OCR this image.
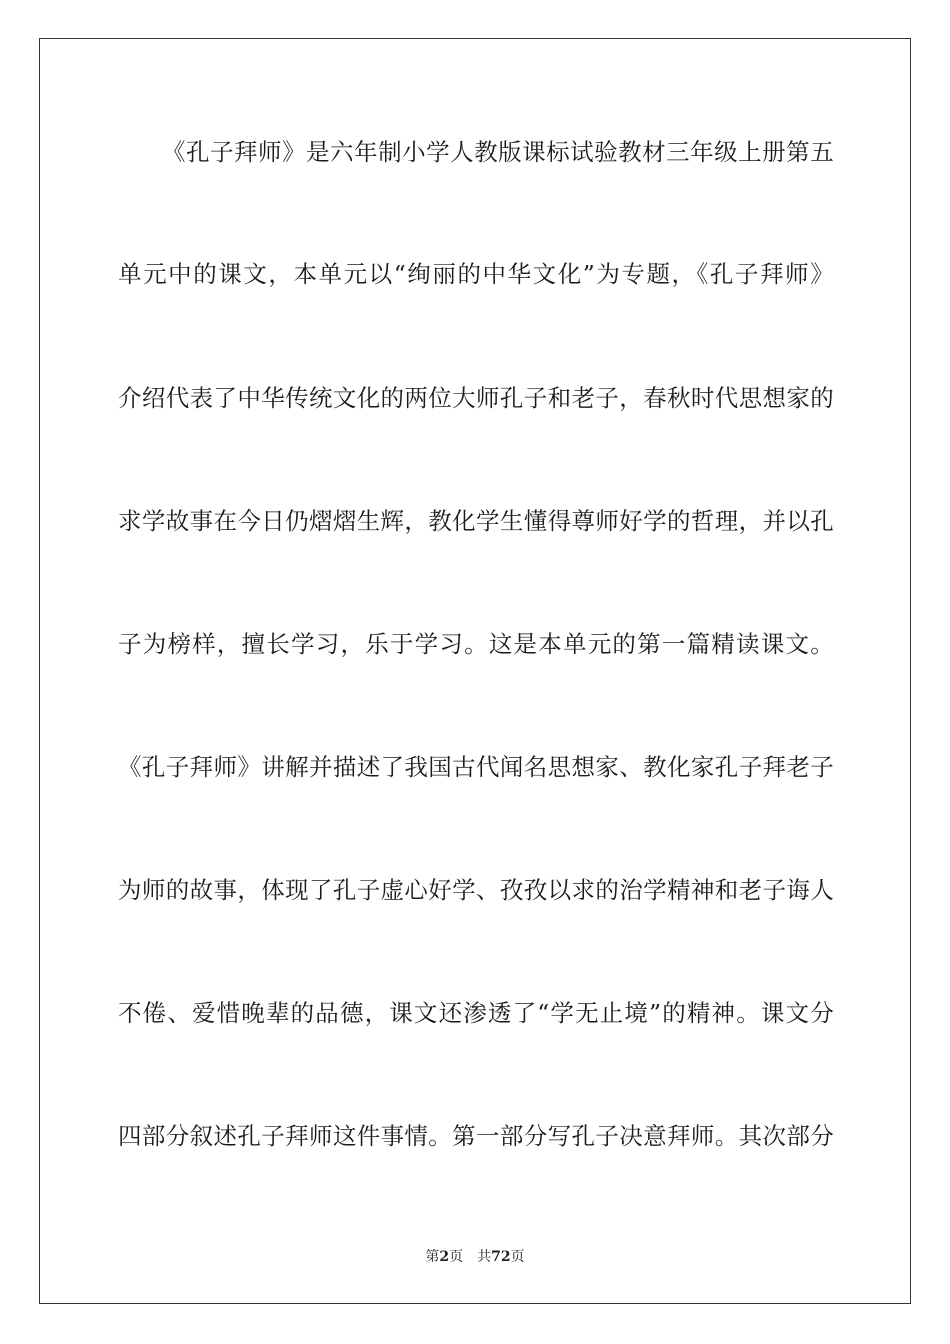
《孔子拜师》是六年制小学人教版课标试验教材三年级上册第五
单元中的课文，本单元以“绚丽的中华文化”为专题，《孔子拜师》
介绍代表了中华传统文化的两位大师孔子和老子，春秋时代思想家的
求学故事在今日仍熠熠生辉，教化学生懂得尊师好学的哲理，并以孔
子为榜样，擅长学习，乐于学习。这是本单元的第一篇精读课文。
《孔子拜师》讲解并描述了我国古代闻名思想家、教化家孔子拜老子
为师的故事，体现了孔子虚心好学、孜孜以求的治学精神和老子诲人
不倦、爱惜晚辈的品德，课文还渗透了“学无止境”的精神。课文分
四部分叙述孔子拜师这件事情。第一部分写孔子决意拜师。其次部分
第2页 共72页
